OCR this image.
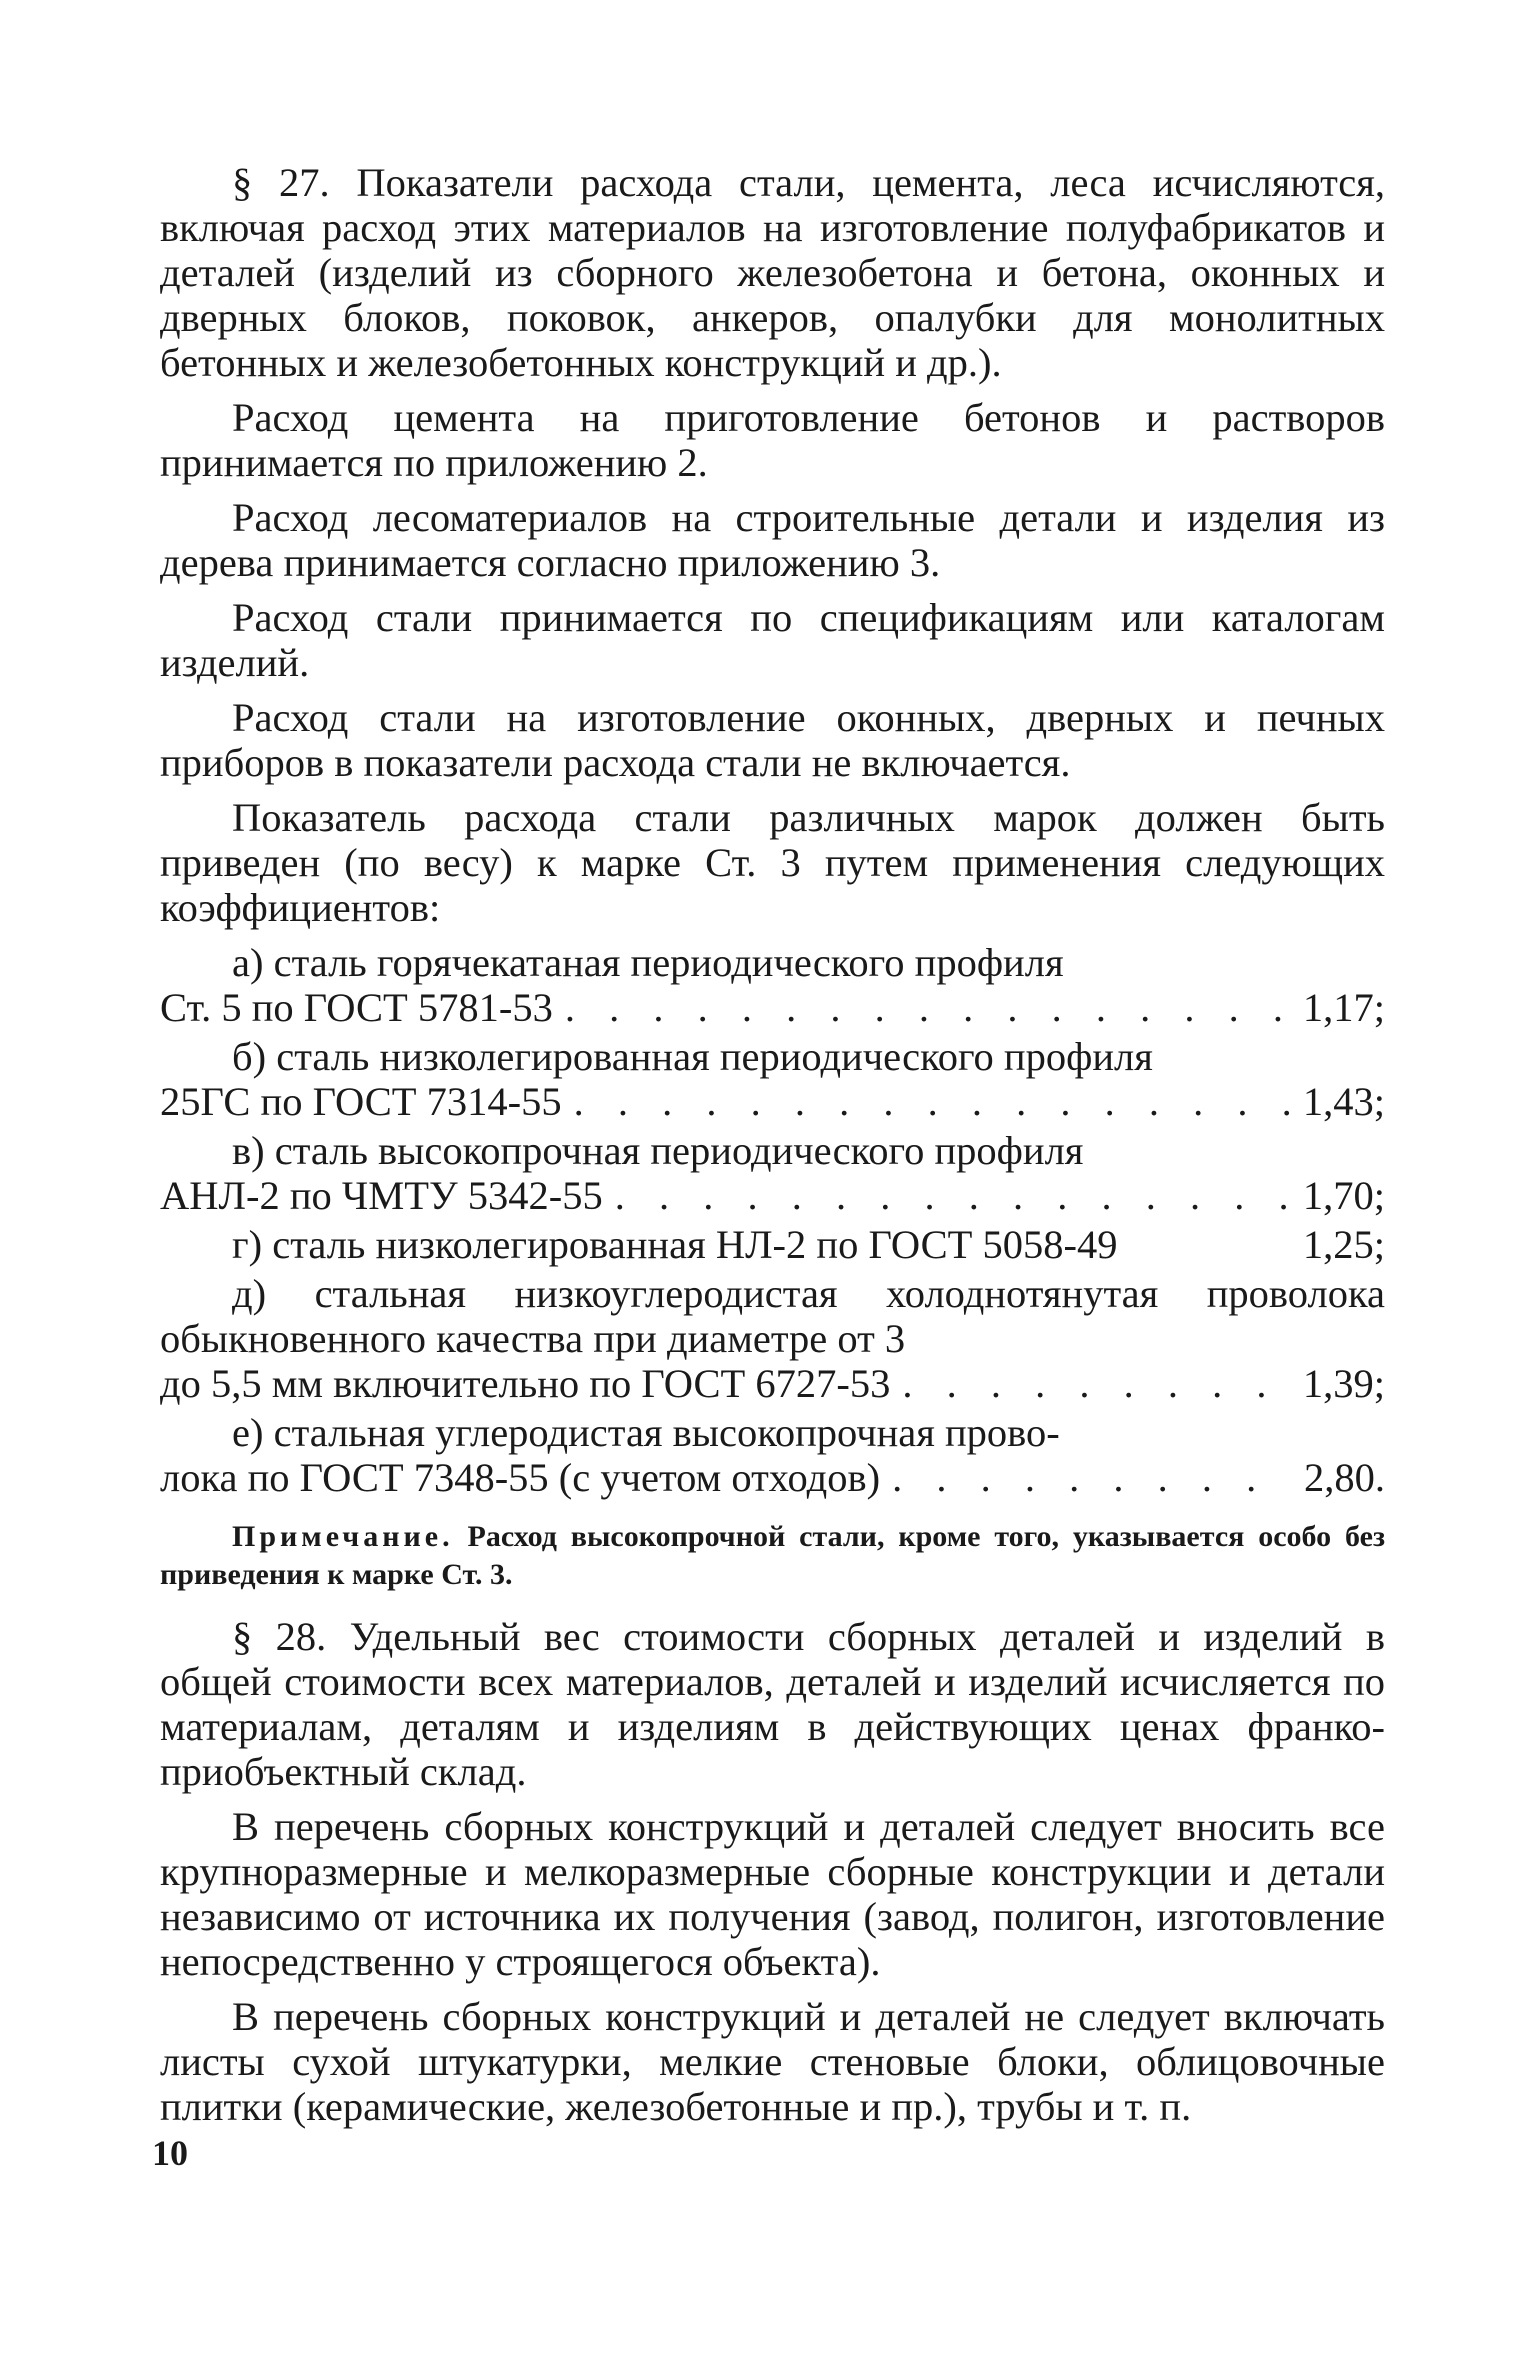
§ 27. Показатели расхода стали, цемента, леса исчисляются, включая расход этих материалов на изготовление полуфабрикатов и деталей (изделий из сборного железобетона и бетона, оконных и дверных блоков, поковок, анкеров, опалубки для монолитных бетонных и железобетонных конструкций и др.).

Расход цемента на приготовление бетонов и растворов принимается по приложению 2.

Расход лесоматериалов на строительные детали и изделия из дерева принимается согласно приложению 3.

Расход стали принимается по спецификациям или каталогам изделий.

Расход стали на изготовление оконных, дверных и печных приборов в показатели расхода стали не включается.

Показатель расхода стали различных марок должен быть приведен (по весу) к марке Ст. 3 путем применения следующих коэффициентов:

а) сталь горячекатаная периодического профиля
Ст. 5 по ГОСТ 5781-53 . . .	1,17;
б) сталь низколегированная периодического профиля
25ГС по ГОСТ 7314-55 . . .	1,43;
в) сталь высокопрочная периодического профиля
АНЛ-2 по ЧМТУ 5342-55 . . .	1,70;
г) сталь низколегированная НЛ-2 по ГОСТ 5058-49	1,25;
д) стальная низкоуглеродистая холоднотянутая проволока обыкновенного качества при диаметре от 3
до 5,5 мм включительно по ГОСТ 6727-53 . . .	1,39;
е) стальная углеродистая высокопрочная прово-
лока по ГОСТ 7348-55 (с учетом отходов) . . .	2,80.

Примечание. Расход высокопрочной стали, кроме того, указывается особо без приведения к марке Ст. 3.

§ 28. Удельный вес стоимости сборных деталей и изделий в общей стоимости всех материалов, деталей и изделий исчисляется по материалам, деталям и изделиям в действующих ценах франко-приобъектный склад.

В перечень сборных конструкций и деталей следует вносить все крупноразмерные и мелкоразмерные сборные конструкции и детали независимо от источника их получения (завод, полигон, изготовление непосредственно у строящегося объекта).

В перечень сборных конструкций и деталей не следует включать листы сухой штукатурки, мелкие стеновые блоки, облицовочные плитки (керамические, железобетонные и пр.), трубы и т. п.

10
